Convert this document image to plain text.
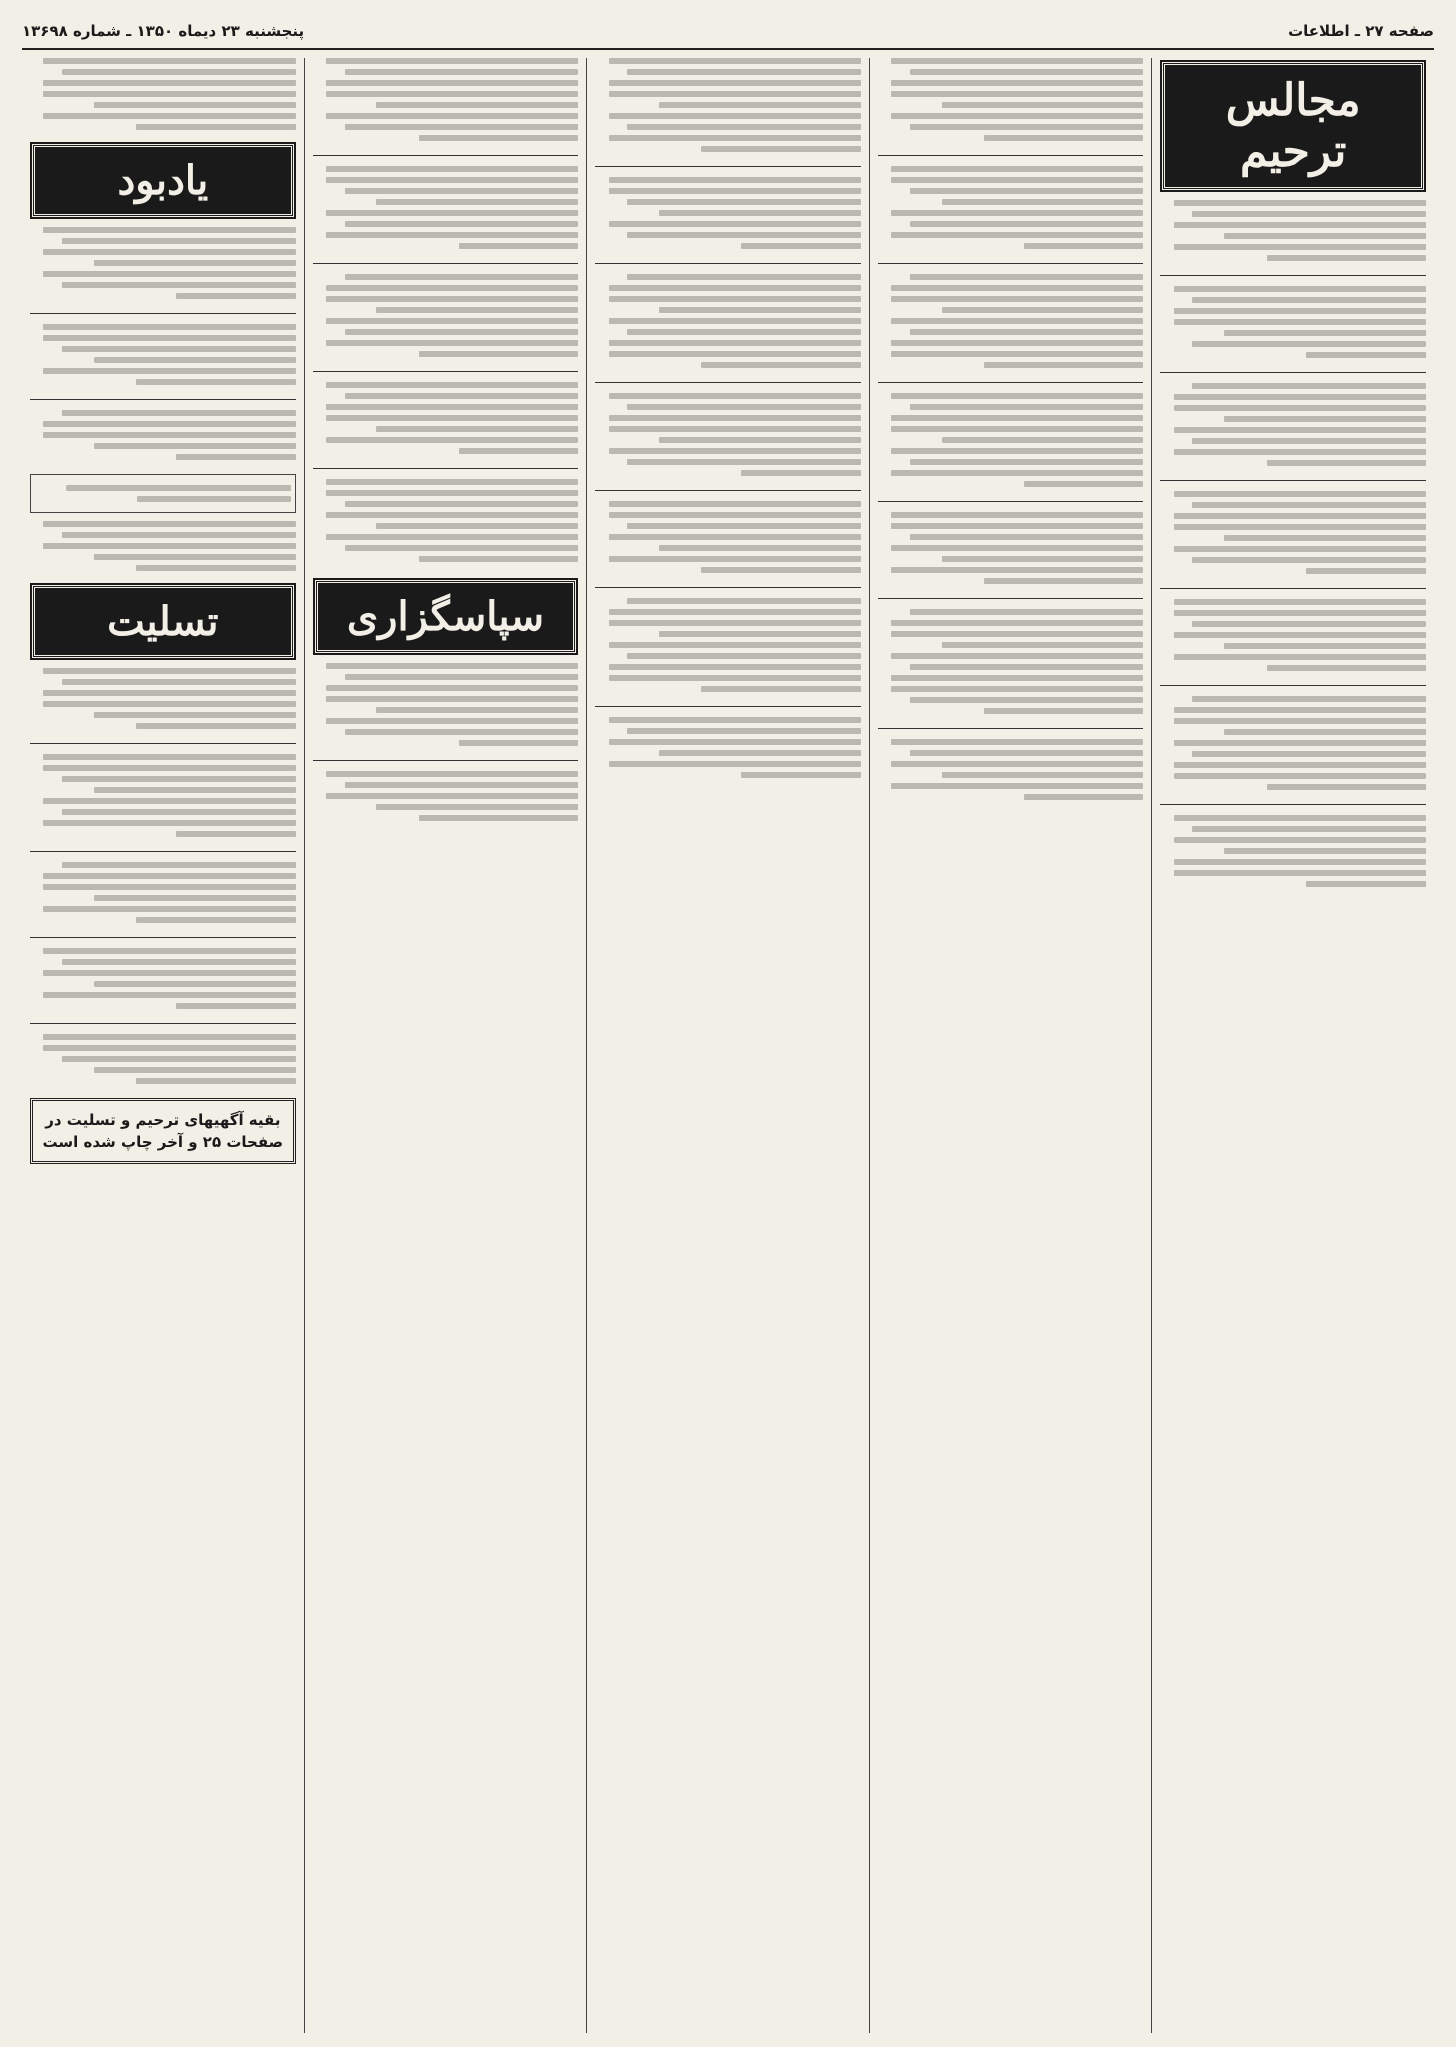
صفحه ۲۷ ـ اطلاعات
پنجشنبه ۲۳ دیماه ۱۳۵۰ ـ شماره ۱۳۶۹۸
مجالس ترحیم
سپاسگزاری
یادبود
تسلیت
بقیه آگهیهای ترحیم و تسلیت در صفحات ۲۵ و آخر چاپ شده است
